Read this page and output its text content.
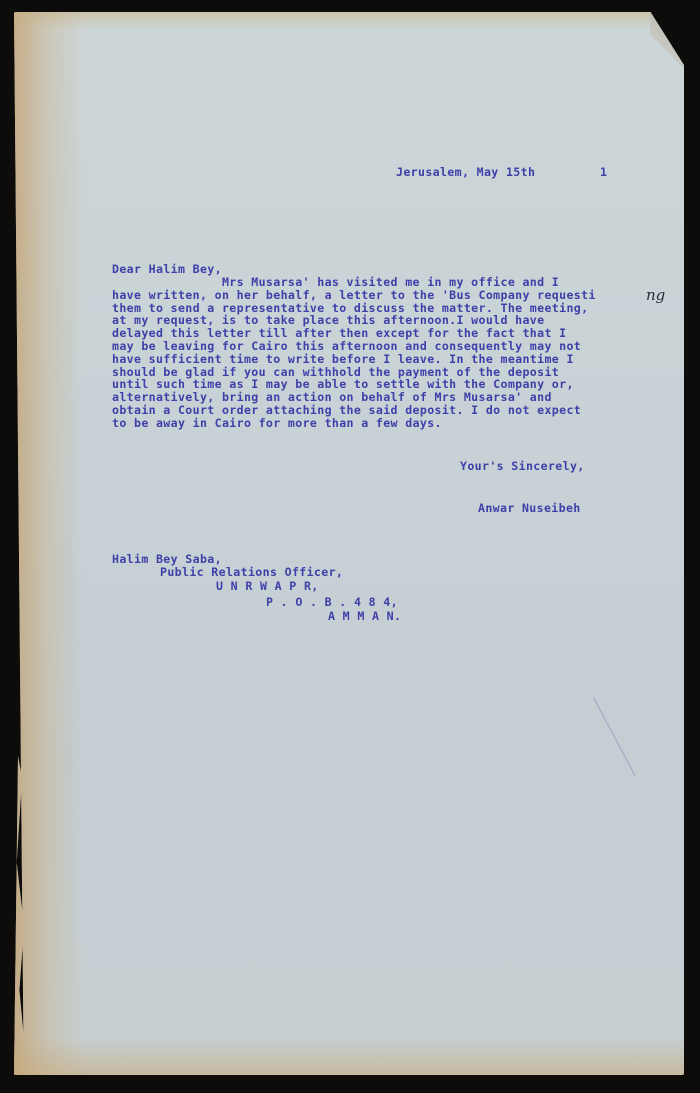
Jerusalem, May 15th	1

Dear Halim Bey,

Mrs Musarsa' has visited me in my office and I

have written, on her behalf, a letter to the 'Bus Company requesti

them to send a representative to discuss the matter. The meeting,

at my request, is to take place this afternoon.I would have

delayed this letter till after then except for the fact that I

may be leaving for Cairo this afternoon and consequently may not

have sufficient time to write before I leave. In the meantime I

should be glad if you can withhold the payment of the deposit

until such time as I may be able to settle with the Company or,

alternatively, bring an action on behalf of Mrs Musarsa' and

obtain a Court order attaching the said deposit. I do not expect

to be away in Cairo for more than a few days.

ng

Your's Sincerely,

Anwar Nuseibeh

Halim Bey Saba,

Public Relations Officer,

U N R W A P R,

P . O . B . 4 8 4,

A M M A N.
